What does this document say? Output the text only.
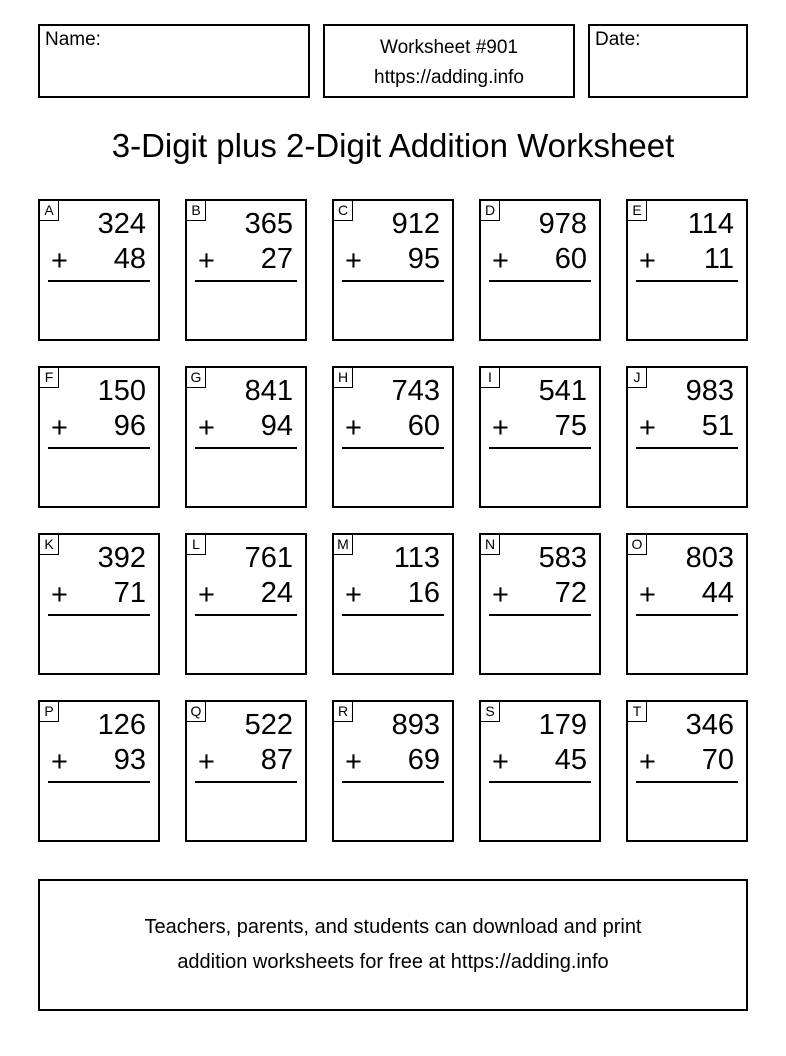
Name:	Worksheet #901
https://adding.info
Date:
3-Digit plus 2-Digit Addition Worksheet
A 324
+ 48
B 365
+ 27
C 912
+ 95
D 978
+ 60
E 114
+ 11
F 150
+ 96
G 841
+ 94
H 743
+ 60
I 541
+ 75
J 983
+ 51
K 392
+ 71
L 761
+ 24
M 113
+ 16
N 583
+ 72
O 803
+ 44
P 126
+ 93
Q 522
+ 87
R 893
+ 69
S 179
+ 45
T 346
+ 70
Teachers, parents, and students can download and print
addition worksheets for free at https://adding.info
